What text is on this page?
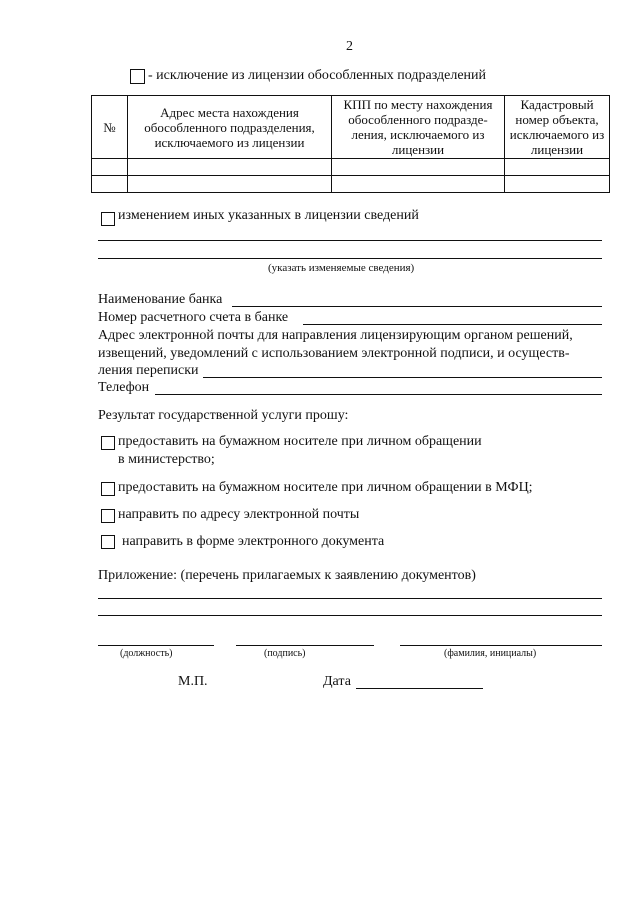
2
- исключение из лицензии обособленных подразделений
№	Адрес места нахождения обособленного подразделения, исключаемого из лицензии	КПП по месту нахождения обособленного подразде-ления, исключаемого из лицензии	Кадастровый номер объекта, исключаемого из лицензии

изменением иных указанных в лицензии сведений
(указать изменяемые сведения)
Наименование банка
Номер расчетного счета в банке
Адрес электронной почты для направления лицензирующим органом решений,
извещений, уведомлений с использованием электронной подписи, и осуществ-
ления переписки
Телефон
Результат государственной услуги прошу:
предоставить на бумажном носителе при личном обращении
в министерство;
предоставить на бумажном носителе при личном обращении в МФЦ;
направить по адресу электронной почты
направить в форме электронного документа
Приложение: (перечень прилагаемых к заявлению документов)
(должность)	(подпись)	(фамилия, инициалы)
М.П.	Дата
